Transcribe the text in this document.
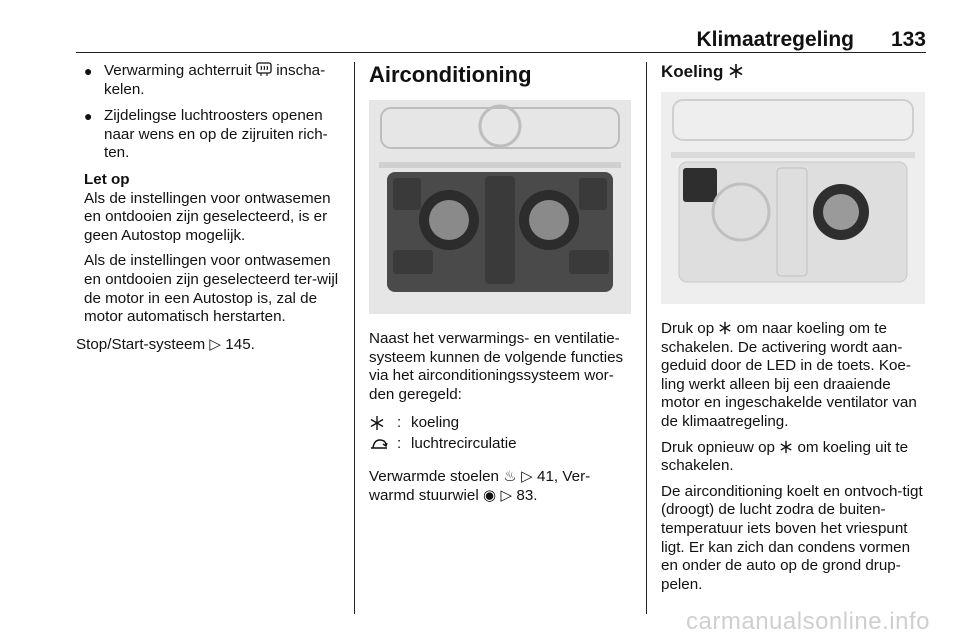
Klimaatregeling 133
● Verwarming achterruit inscha-kelen.
● Zijdelingse luchtroosters openen naar wens en op de zijruiten rich-ten.

Let op

Als de instellingen voor ontwasemen en ontdooien zijn geselecteerd, is er geen Autostop mogelijk.

Als de instellingen voor ontwasemen en ontdooien zijn geselecteerd ter-wijl de motor in een Autostop is, zal de motor automatisch herstarten.

Stop/Start-systeem ▷ 145.

Airconditioning

Naast het verwarmings- en ventilatie-systeem kunnen de volgende functies via het airconditioningssysteem wor-den geregeld:

: koeling
: luchtrecirculatie

Verwarmde stoelen ♨ ▷ 41, Ver-
warmd stuurwiel ◉ ▷ 83.

Koeling

Druk op om naar koeling om te schakelen. De activering wordt aan-geduid door de LED in de toets. Koe-ling werkt alleen bij een draaiende motor en ingeschakelde ventilator van de klimaatregeling.

Druk opnieuw op om koeling uit te schakelen.

De airconditioning koelt en ontvoch-tigt (droogt) de lucht zodra de buiten-temperatuur iets boven het vriespunt ligt. Er kan zich dan condens vormen en onder de auto op de grond drup-pelen.

carmanualsonline.info
